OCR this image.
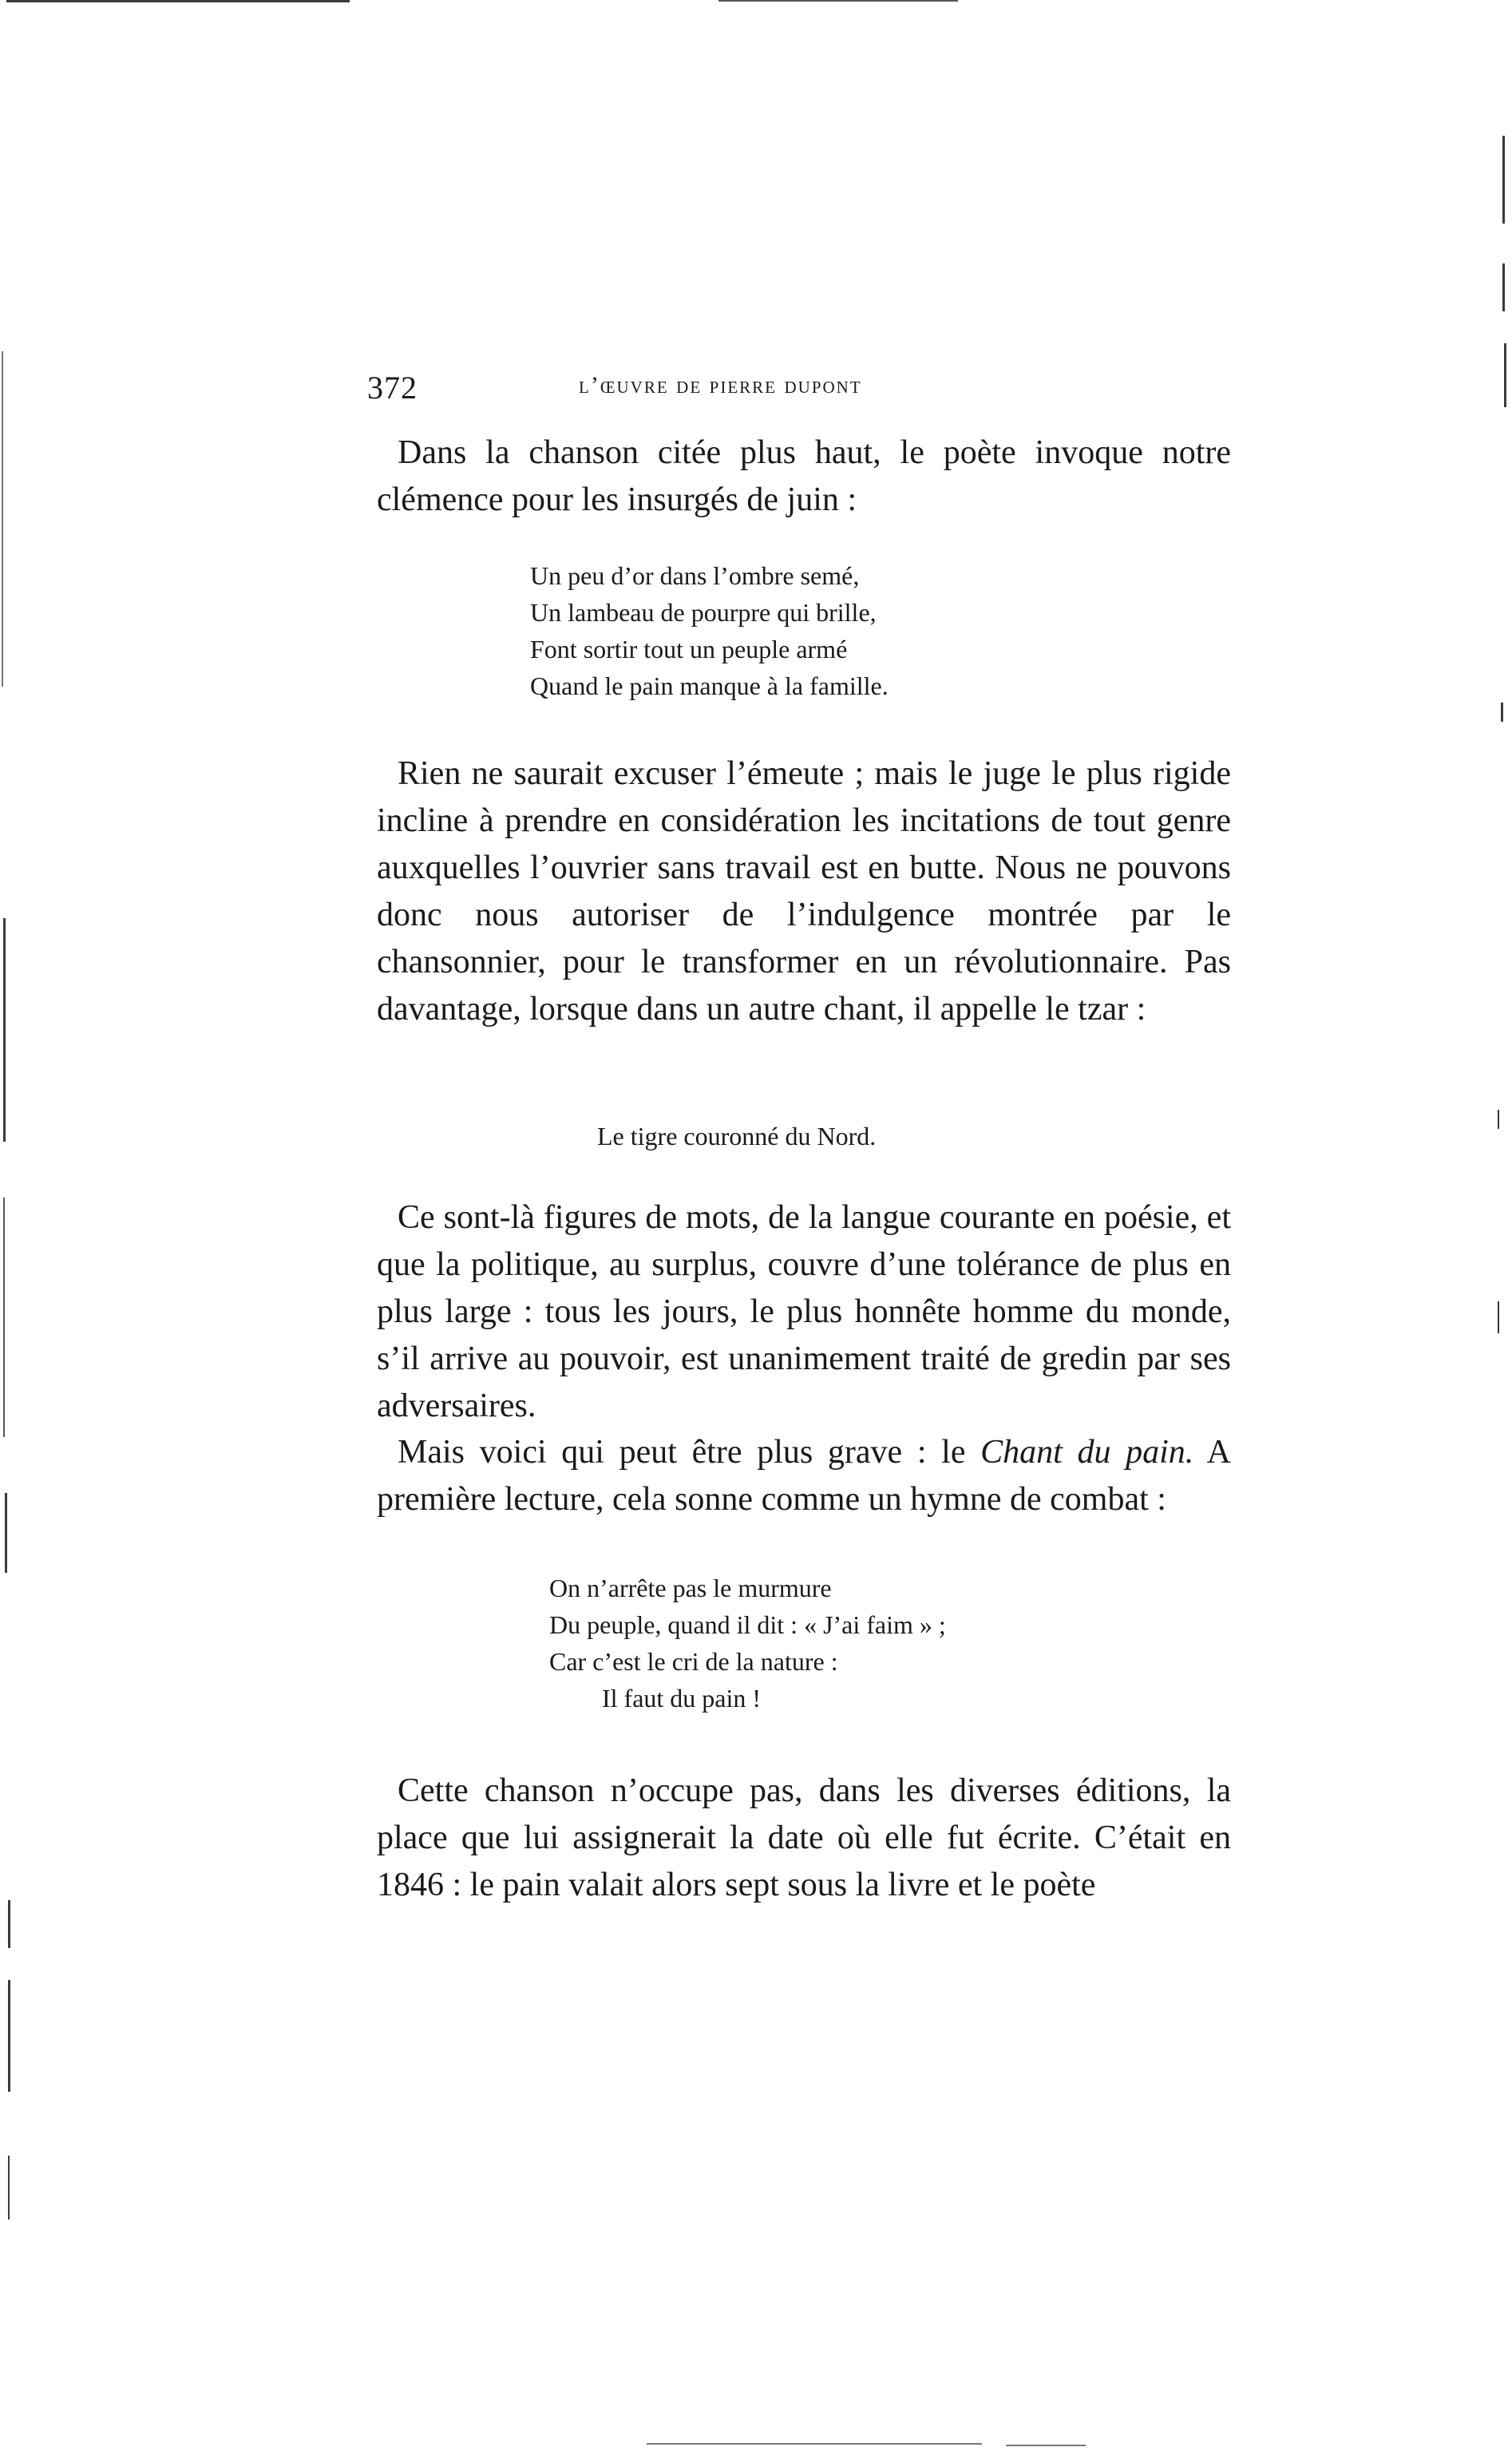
372	l’œuvre de pierre dupont

Dans la chanson citée plus haut, le poète invoque notre clémence pour les insurgés de juin :

Un peu d’or dans l’ombre semé,
Un lambeau de pourpre qui brille,
Font sortir tout un peuple armé
Quand le pain manque à la famille.

Rien ne saurait excuser l’émeute ; mais le juge le plus rigide incline à prendre en considération les incitations de tout genre auxquelles l’ouvrier sans travail est en butte. Nous ne pouvons donc nous autoriser de l’indulgence montrée par le chansonnier, pour le transformer en un révolutionnaire. Pas davantage, lorsque dans un autre chant, il appelle le tzar :

Le tigre couronné du Nord.

Ce sont-là figures de mots, de la langue courante en poésie, et que la politique, au surplus, couvre d’une tolérance de plus en plus large : tous les jours, le plus honnête homme du monde, s’il arrive au pouvoir, est unanimement traité de gredin par ses adversaires.

Mais voici qui peut être plus grave : le Chant du pain. A première lecture, cela sonne comme un hymne de combat :

On n’arrête pas le murmure
Du peuple, quand il dit : « J’ai faim » ;
Car c’est le cri de la nature :
Il faut du pain !

Cette chanson n’occupe pas, dans les diverses éditions, la place que lui assignerait la date où elle fut écrite. C’était en 1846 : le pain valait alors sept sous la livre et le poète
